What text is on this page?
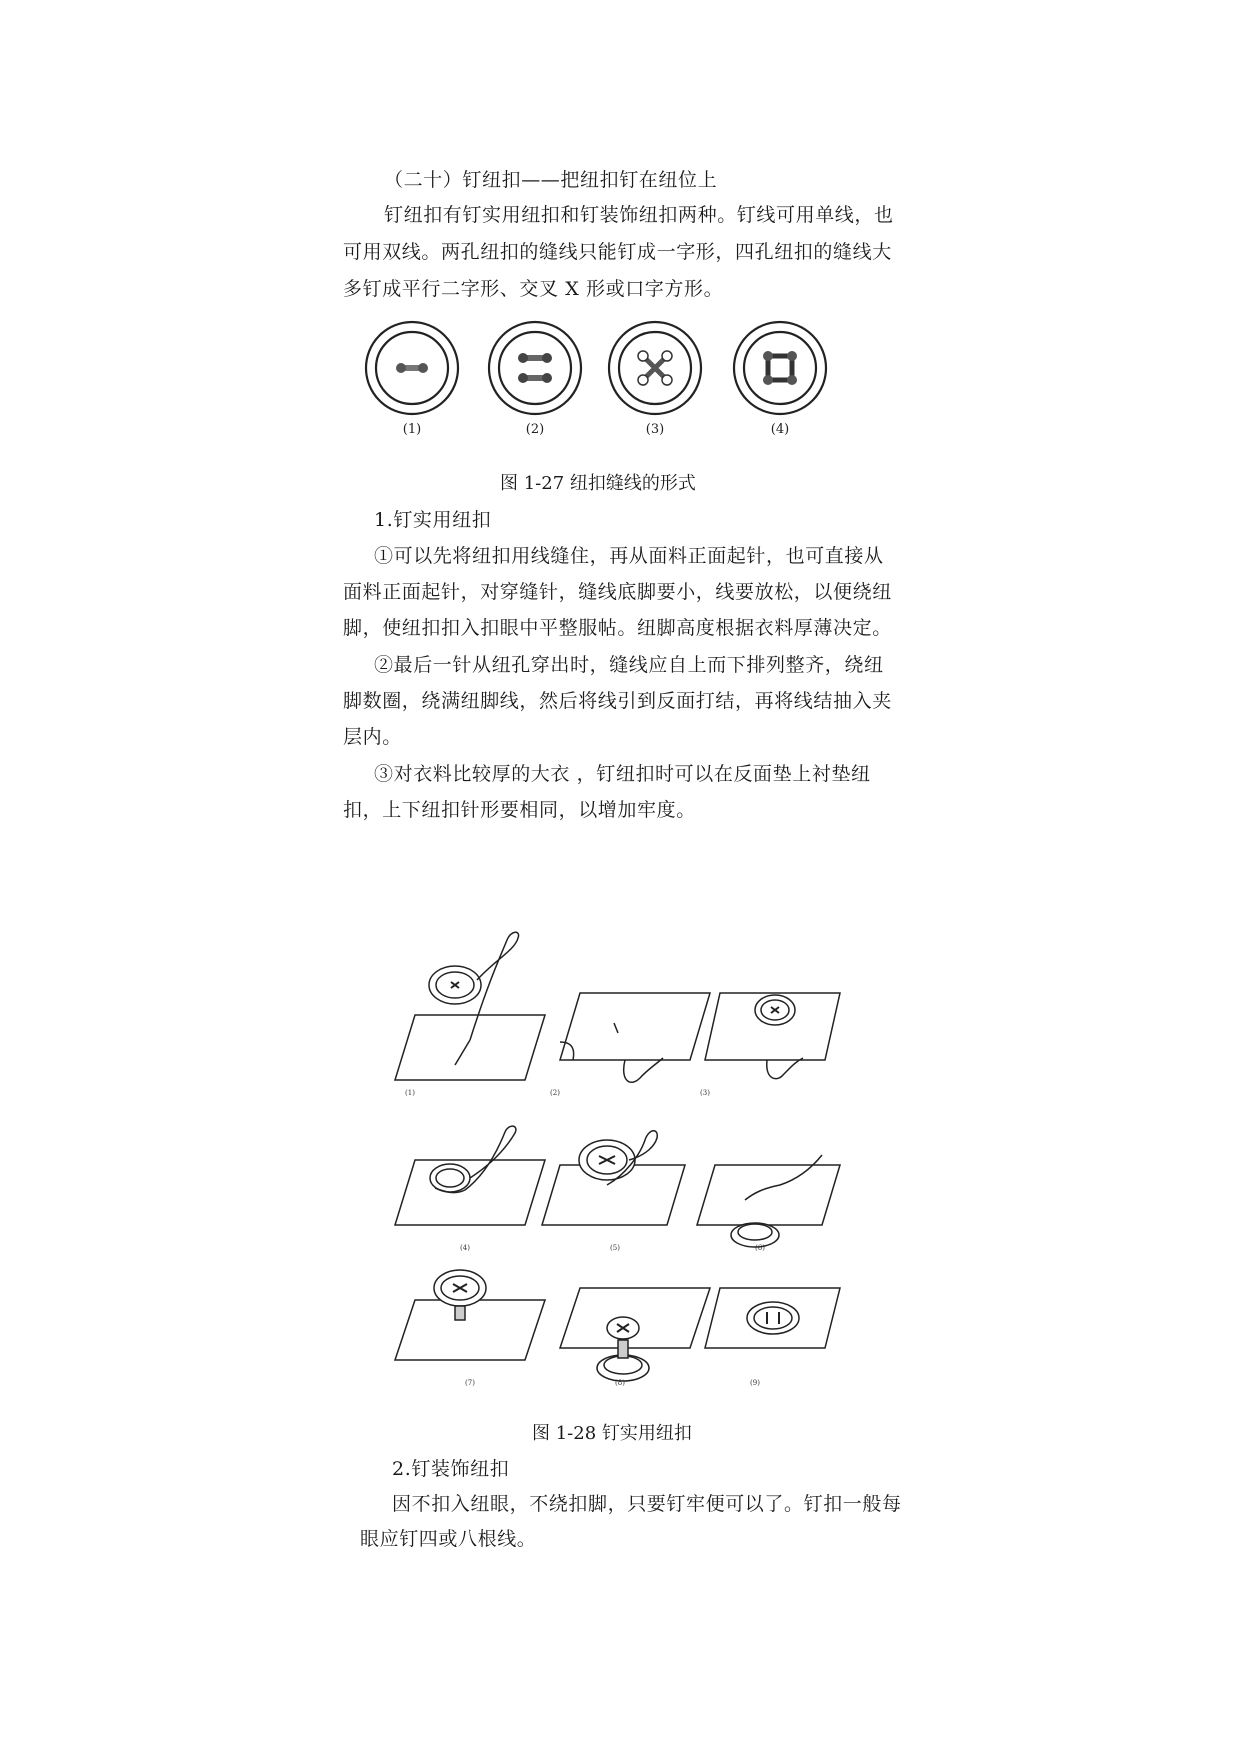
（二十）钉纽扣——把纽扣钉在纽位上
钉纽扣有钉实用纽扣和钉装饰纽扣两种。钉线可用单线，也
可用双线。两孔纽扣的缝线只能钉成一字形，四孔纽扣的缝线大
多钉成平行二字形、交叉 X 形或口字方形。
(1)	(2)	(3)	(4)
图 1-27 纽扣缝线的形式
1.钉实用纽扣
①可以先将纽扣用线缝住，再从面料正面起针，也可直接从
面料正面起针，对穿缝针，缝线底脚要小，线要放松，以便绕纽
脚，使纽扣扣入扣眼中平整服帖。纽脚高度根据衣料厚薄决定。
②最后一针从纽孔穿出时，缝线应自上而下排列整齐，绕纽
脚数圈，绕满纽脚线，然后将线引到反面打结，再将线结抽入夹
层内。
③对衣料比较厚的大衣 ，钉纽扣时可以在反面垫上衬垫纽
扣，上下纽扣针形要相同，以增加牢度。
(1)	(2)	(3)
(4)	(5)	(6)
(7)	(8)	(9)
图 1-28 钉实用纽扣
2.钉装饰纽扣
因不扣入纽眼，不绕扣脚，只要钉牢便可以了。钉扣一般每
眼应钉四或八根线。
